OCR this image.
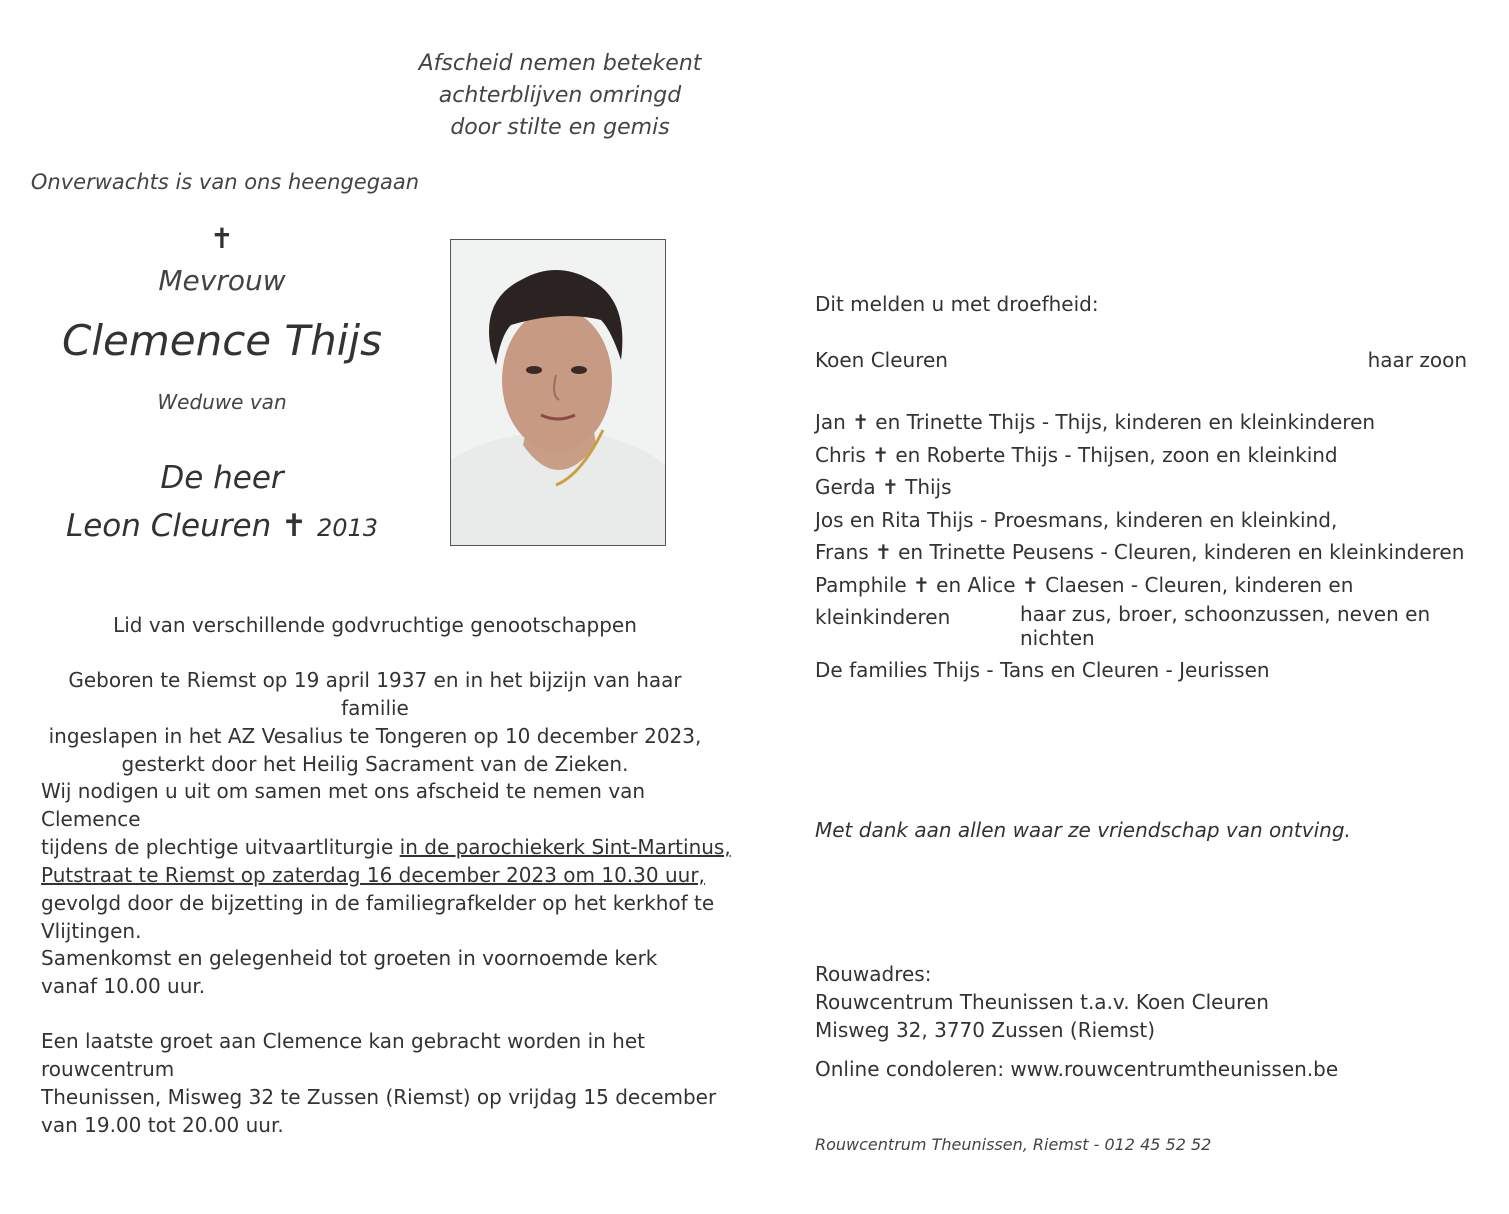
Afscheid nemen betekent
achterblijven omringd
door stilte en gemis
Onverwachts is van ons heengegaan
✝
Mevrouw
Clemence Thijs
Weduwe van
De heer
Leon Cleuren ✝ 2013
Lid van verschillende godvruchtige genootschappen
Geboren te Riemst op 19 april 1937 en in het bijzijn van haar familie
ingeslapen in het AZ Vesalius te Tongeren op 10 december 2023,
gesterkt door het Heilig Sacrament van de Zieken.
Wij nodigen u uit om samen met ons afscheid te nemen van Clemence
tijdens de plechtige uitvaartliturgie in de parochiekerk Sint-Martinus,
Putstraat te Riemst op zaterdag 16 december 2023 om 10.30 uur,
gevolgd door de bijzetting in de familiegrafkelder op het kerkhof te
Vlijtingen.
Samenkomst en gelegenheid tot groeten in voornoemde kerk
vanaf 10.00 uur.
Een laatste groet aan Clemence kan gebracht worden in het rouwcentrum
Theunissen, Misweg 32 te Zussen (Riemst) op vrijdag 15 december
van 19.00 tot 20.00 uur.
Dit melden u met droefheid:
Koen Cleuren	haar zoon
Jan ✝ en Trinette Thijs - Thijs, kinderen en kleinkinderen
Chris ✝ en Roberte Thijs - Thijsen, zoon en kleinkind
Gerda ✝ Thijs
Jos en Rita Thijs - Proesmans, kinderen en kleinkind,
Frans ✝ en Trinette Peusens - Cleuren, kinderen en kleinkinderen
Pamphile ✝ en Alice ✝ Claesen - Cleuren, kinderen en kleinkinderen	haar zus, broer, schoonzussen, neven en nichten
De families Thijs - Tans en Cleuren - Jeurissen
Met dank aan allen waar ze vriendschap van ontving.
Rouwadres:
Rouwcentrum Theunissen t.a.v. Koen Cleuren
Misweg 32, 3770 Zussen (Riemst)
Online condoleren: www.rouwcentrumtheunissen.be
Rouwcentrum Theunissen, Riemst - 012 45 52 52
